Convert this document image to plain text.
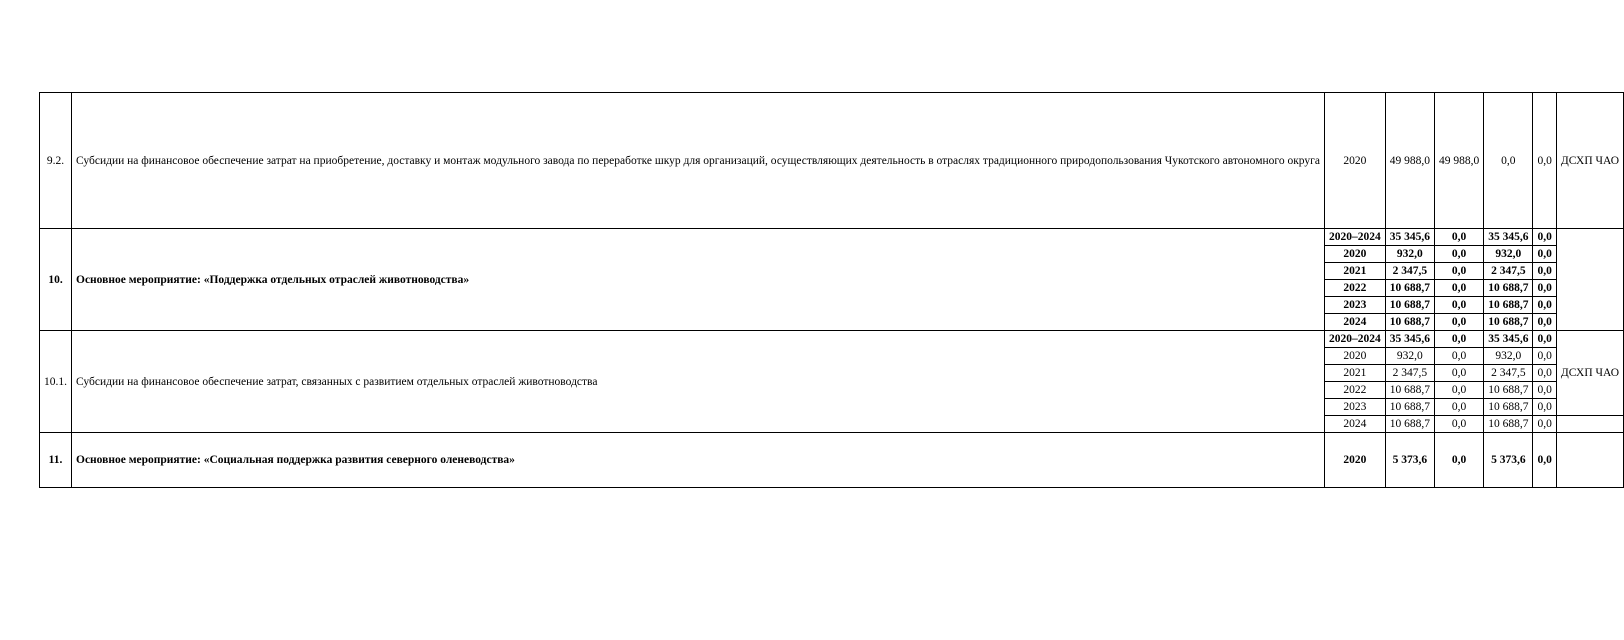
9.2.	Субсидии на финансовое обеспечение затрат на приобретение, доставку и монтаж модульного завода по переработке шкур для организаций, осуществляющих деятельность в отраслях традиционного природопользования Чукотского автономного округа	2020	49 988,0	49 988,0	0,0	0,0	ДСХП ЧАО
10.	Основное мероприятие: «Поддержка отдельных отраслей животноводства»	2020–2024	35 345,6	0,0	35 345,6	0,0	
		2020	932,0	0,0	932,0	0,0	
		2021	2 347,5	0,0	2 347,5	0,0	
		2022	10 688,7	0,0	10 688,7	0,0	
		2023	10 688,7	0,0	10 688,7	0,0	
		2024	10 688,7	0,0	10 688,7	0,0	
10.1.	Субсидии на финансовое обеспечение затрат, связанных с развитием отдельных отраслей животноводства	2020–2024	35 345,6	0,0	35 345,6	0,0	ДСХП ЧАО
		2020	932,0	0,0	932,0	0,0	
		2021	2 347,5	0,0	2 347,5	0,0	
		2022	10 688,7	0,0	10 688,7	0,0	
		2023	10 688,7	0,0	10 688,7	0,0	
		2024	10 688,7	0,0	10 688,7	0,0	
11.	Основное мероприятие: «Социальная поддержка развития северного оленеводства»	2020	5 373,6	0,0	5 373,6	0,0	
